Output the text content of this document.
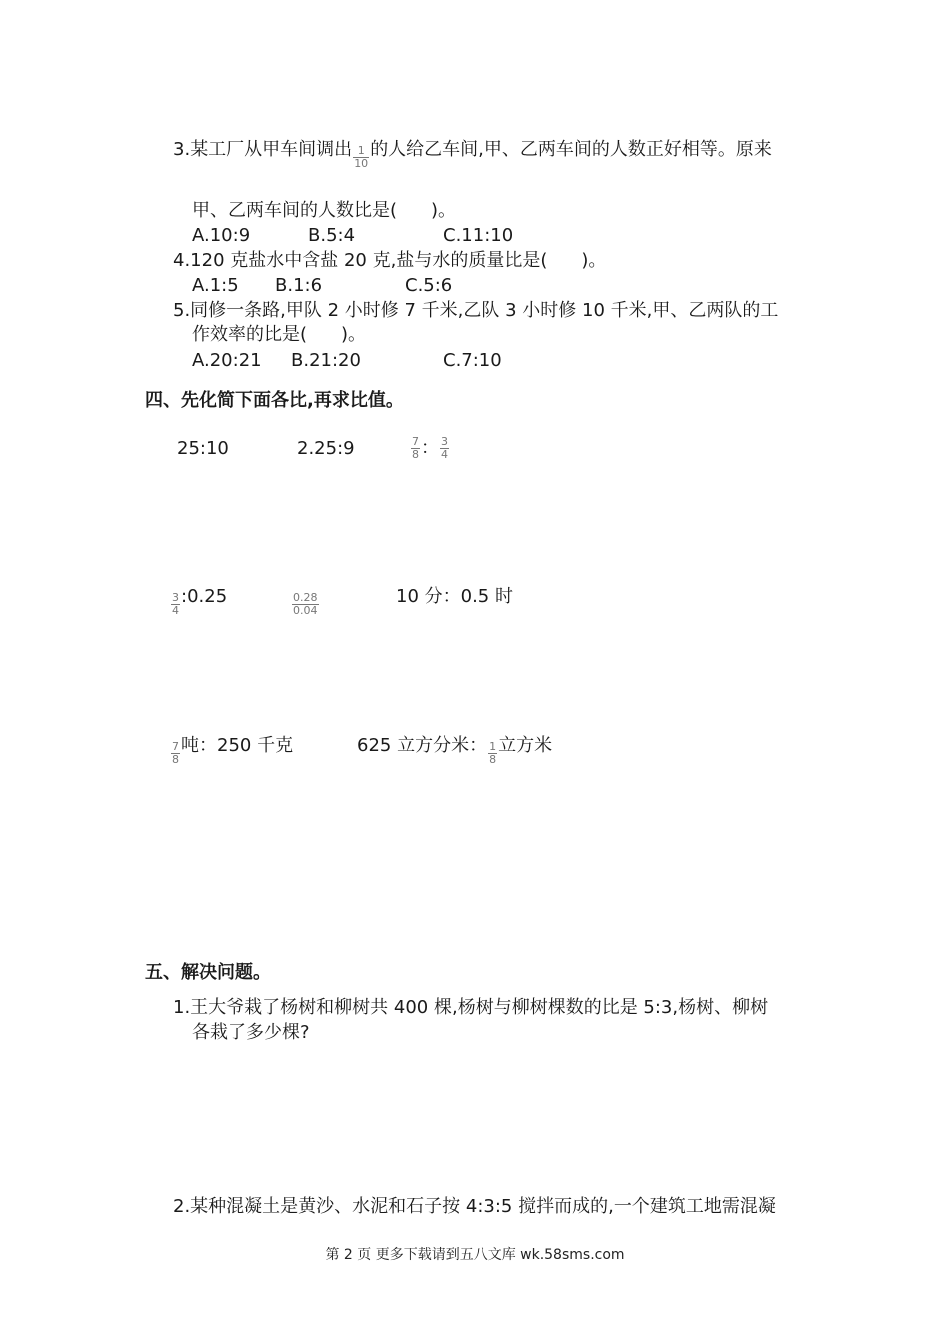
3.某工厂从甲车间调出 $\frac{1}{10}$ 的人给乙车间,甲、乙两车间的人数正好相等。原来
甲、乙两车间的人数比是( )。
A.10:9	B.5:4	C.11:10
4.120 克盐水中含盐 20 克,盐与水的质量比是( )。
A.1:5 B.1:6	C.5:6
5.同修一条路,甲队 2 小时修 7 千米,乙队 3 小时修 10 千米,甲、乙两队的工
作效率的比是( )。
A.20:21 B.21:20	C.7:10
四、先化简下面各比,再求比值。
25:10	2.25:9	$\frac{7}{8}$ ： $\frac{3}{4}$
$\frac{3}{4}$ :0.25	$\frac{0.28}{0.04}$	10 分：0.5 时
$\frac{7}{8}$ 吨：250 千克	625 立方分米： $\frac{1}{8}$ 立方米
五、解决问题。
1.王大爷栽了杨树和柳树共 400 棵,杨树与柳树棵数的比是 5:3,杨树、柳树
各栽了多少棵?
2.某种混凝土是黄沙、水泥和石子按 4:3:5 搅拌而成的,一个建筑工地需混凝
第 2 页 更多下载请到五八文库 wk.58sms.com
